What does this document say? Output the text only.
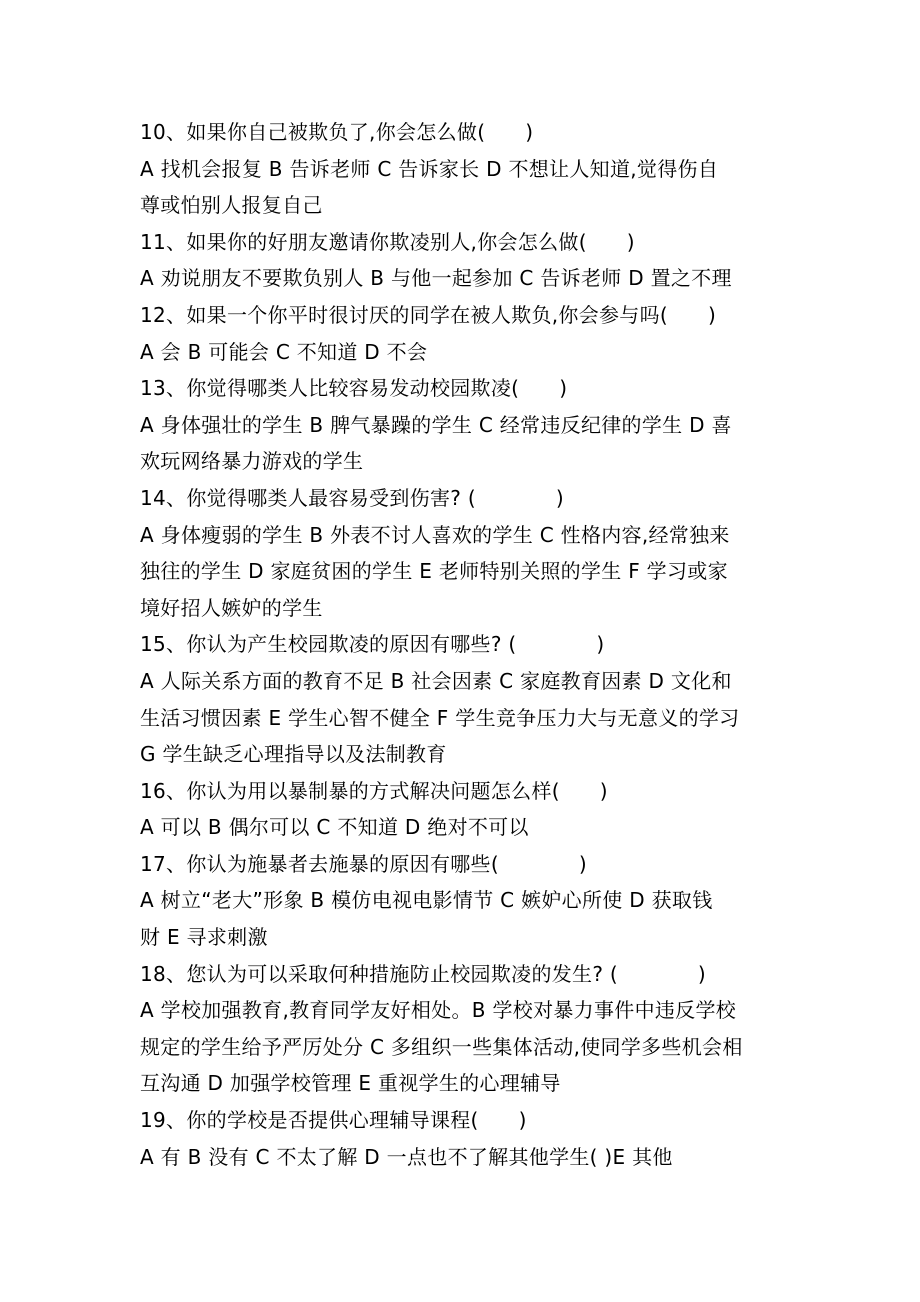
10、如果你自己被欺负了,你会怎么做(      )
A 找机会报复 B 告诉老师 C 告诉家长 D 不想让人知道,觉得伤自
尊或怕别人报复自己
11、如果你的好朋友邀请你欺凌别人,你会怎么做(      )
A 劝说朋友不要欺负别人 B 与他一起参加 C 告诉老师 D 置之不理
12、如果一个你平时很讨厌的同学在被人欺负,你会参与吗(      )
A 会 B 可能会 C 不知道 D 不会
13、你觉得哪类人比较容易发动校园欺凌(      )
A 身体强壮的学生 B 脾气暴躁的学生 C 经常违反纪律的学生 D 喜
欢玩网络暴力游戏的学生
14、你觉得哪类人最容易受到伤害? (            )
A 身体瘦弱的学生 B 外表不讨人喜欢的学生 C 性格内容,经常独来
独往的学生 D 家庭贫困的学生 E 老师特别关照的学生 F 学习或家
境好招人嫉妒的学生
15、你认为产生校园欺凌的原因有哪些? (            )
A 人际关系方面的教育不足 B 社会因素 C 家庭教育因素 D 文化和
生活习惯因素 E 学生心智不健全 F 学生竞争压力大与无意义的学习
G 学生缺乏心理指导以及法制教育
16、你认为用以暴制暴的方式解决问题怎么样(      )
A 可以 B 偶尔可以 C 不知道 D 绝对不可以
17、你认为施暴者去施暴的原因有哪些(            )
A 树立“老大”形象 B 模仿电视电影情节 C 嫉妒心所使 D 获取钱
财 E 寻求刺激
18、您认为可以采取何种措施防止校园欺凌的发生? (            )
A 学校加强教育,教育同学友好相处。B 学校对暴力事件中违反学校
规定的学生给予严厉处分 C 多组织一些集体活动,使同学多些机会相
互沟通 D 加强学校管理 E 重视学生的心理辅导
19、你的学校是否提供心理辅导课程(      )
A 有 B 没有 C 不太了解 D 一点也不了解其他学生( )E 其他
